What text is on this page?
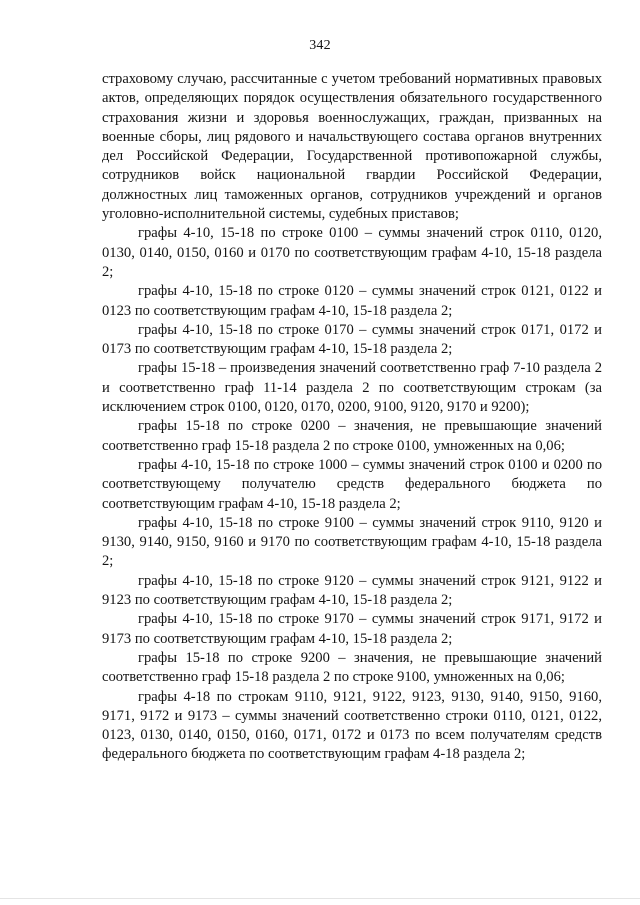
342

страховому случаю, рассчитанные с учетом требований нормативных правовых актов, определяющих порядок осуществления обязательного государственного страхования жизни и здоровья военнослужащих, граждан, призванных на военные сборы, лиц рядового и начальствующего состава органов внутренних дел Российской Федерации, Государственной противопожарной службы, сотрудников войск национальной гвардии Российской Федерации, должностных лиц таможенных органов, сотрудников учреждений и органов уголовно-исполнительной системы, судебных приставов;

графы 4-10, 15-18 по строке 0100 – суммы значений строк 0110, 0120, 0130, 0140, 0150, 0160 и 0170 по соответствующим графам 4-10, 15-18 раздела 2;

графы 4-10, 15-18 по строке 0120 – суммы значений строк 0121, 0122 и 0123 по соответствующим графам 4-10, 15-18 раздела 2;

графы 4-10, 15-18 по строке 0170 – суммы значений строк 0171, 0172 и 0173 по соответствующим графам 4-10, 15-18 раздела 2;

графы 15-18 – произведения значений соответственно граф 7-10 раздела 2 и соответственно граф 11-14 раздела 2 по соответствующим строкам (за исключением строк 0100, 0120, 0170, 0200, 9100, 9120, 9170 и 9200);

графы 15-18 по строке 0200 – значения, не превышающие значений соответственно граф 15-18 раздела 2 по строке 0100, умноженных на 0,06;

графы 4-10, 15-18 по строке 1000 – суммы значений строк 0100 и 0200 по соответствующему получателю средств федерального бюджета по соответствующим графам 4-10, 15-18 раздела 2;

графы 4-10, 15-18 по строке 9100 – суммы значений строк 9110, 9120 и 9130, 9140, 9150, 9160 и 9170 по соответствующим графам 4-10, 15-18 раздела 2;

графы 4-10, 15-18 по строке 9120 – суммы значений строк 9121, 9122 и 9123 по соответствующим графам 4-10, 15-18 раздела 2;

графы 4-10, 15-18 по строке 9170 – суммы значений строк 9171, 9172 и 9173 по соответствующим графам 4-10, 15-18 раздела 2;

графы 15-18 по строке 9200 – значения, не превышающие значений соответственно граф 15-18 раздела 2 по строке 9100, умноженных на 0,06;

графы 4-18 по строкам 9110, 9121, 9122, 9123, 9130, 9140, 9150, 9160, 9171, 9172 и 9173 – суммы значений соответственно строки 0110, 0121, 0122, 0123, 0130, 0140, 0150, 0160, 0171, 0172 и 0173 по всем получателям средств федерального бюджета по соответствующим графам 4-18 раздела 2;
